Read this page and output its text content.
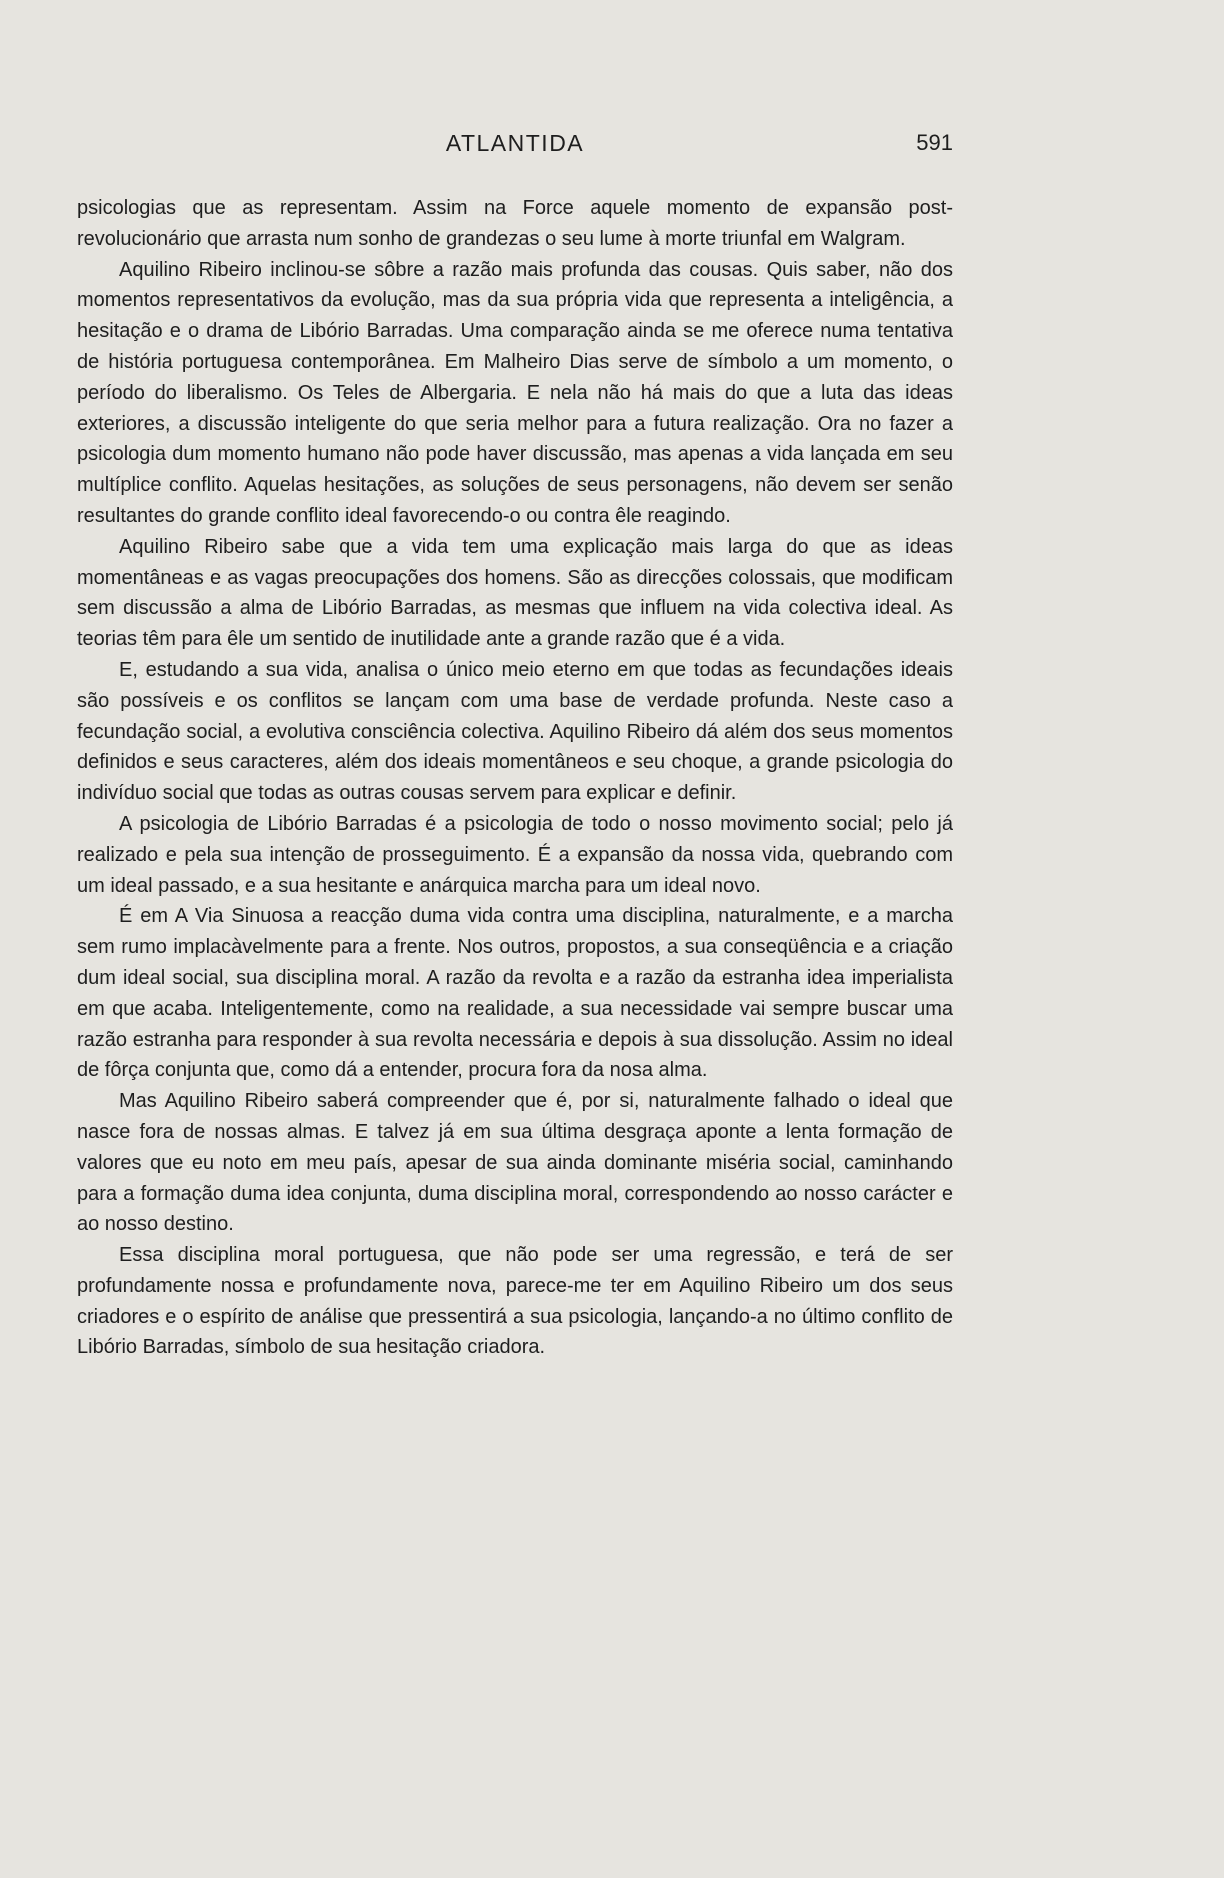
ATLANTIDA	591

psicologias que as representam. Assim na Force aquele momento de expansão post-revolucionário que arrasta num sonho de grandezas o seu lume à morte triunfal em Walgram.

Aquilino Ribeiro inclinou-se sôbre a razão mais profunda das cousas. Quis saber, não dos momentos representativos da evolução, mas da sua própria vida que representa a inteligência, a hesitação e o drama de Libório Barradas. Uma comparação ainda se me oferece numa tentativa de história portuguesa contemporânea. Em Malheiro Dias serve de símbolo a um momento, o período do liberalismo. Os Teles de Albergaria. E nela não há mais do que a luta das ideas exteriores, a discussão inteligente do que seria melhor para a futura realização. Ora no fazer a psicologia dum momento humano não pode haver discussão, mas apenas a vida lançada em seu multíplice conflito. Aquelas hesitações, as soluções de seus personagens, não devem ser senão resultantes do grande conflito ideal favorecendo-o ou contra êle reagindo.

Aquilino Ribeiro sabe que a vida tem uma explicação mais larga do que as ideas momentâneas e as vagas preocupações dos homens. São as direcções colossais, que modificam sem discussão a alma de Libório Barradas, as mesmas que influem na vida colectiva ideal. As teorias têm para êle um sentido de inutilidade ante a grande razão que é a vida.

E, estudando a sua vida, analisa o único meio eterno em que todas as fecundações ideais são possíveis e os conflitos se lançam com uma base de verdade profunda. Neste caso a fecundação social, a evolutiva consciência colectiva. Aquilino Ribeiro dá além dos seus momentos definidos e seus caracteres, além dos ideais momentâneos e seu choque, a grande psicologia do indivíduo social que todas as outras cousas servem para explicar e definir.

A psicologia de Libório Barradas é a psicologia de todo o nosso movimento social; pelo já realizado e pela sua intenção de prosseguimento. É a expansão da nossa vida, quebrando com um ideal passado, e a sua hesitante e anárquica marcha para um ideal novo.

É em A Via Sinuosa a reacção duma vida contra uma disciplina, naturalmente, e a marcha sem rumo implacàvelmente para a frente. Nos outros, propostos, a sua conseqüência e a criação dum ideal social, sua disciplina moral. A razão da revolta e a razão da estranha idea imperialista em que acaba. Inteligentemente, como na realidade, a sua necessidade vai sempre buscar uma razão estranha para responder à sua revolta necessária e depois à sua dissolução. Assim no ideal de fôrça conjunta que, como dá a entender, procura fora da nosa alma.

Mas Aquilino Ribeiro saberá compreender que é, por si, naturalmente falhado o ideal que nasce fora de nossas almas. E talvez já em sua última desgraça aponte a lenta formação de valores que eu noto em meu país, apesar de sua ainda dominante miséria social, caminhando para a formação duma idea conjunta, duma disciplina moral, correspondendo ao nosso carácter e ao nosso destino.

Essa disciplina moral portuguesa, que não pode ser uma regressão, e terá de ser profundamente nossa e profundamente nova, parece-me ter em Aquilino Ribeiro um dos seus criadores e o espírito de análise que pressentirá a sua psicologia, lançando-a no último conflito de Libório Barradas, símbolo de sua hesitação criadora.
